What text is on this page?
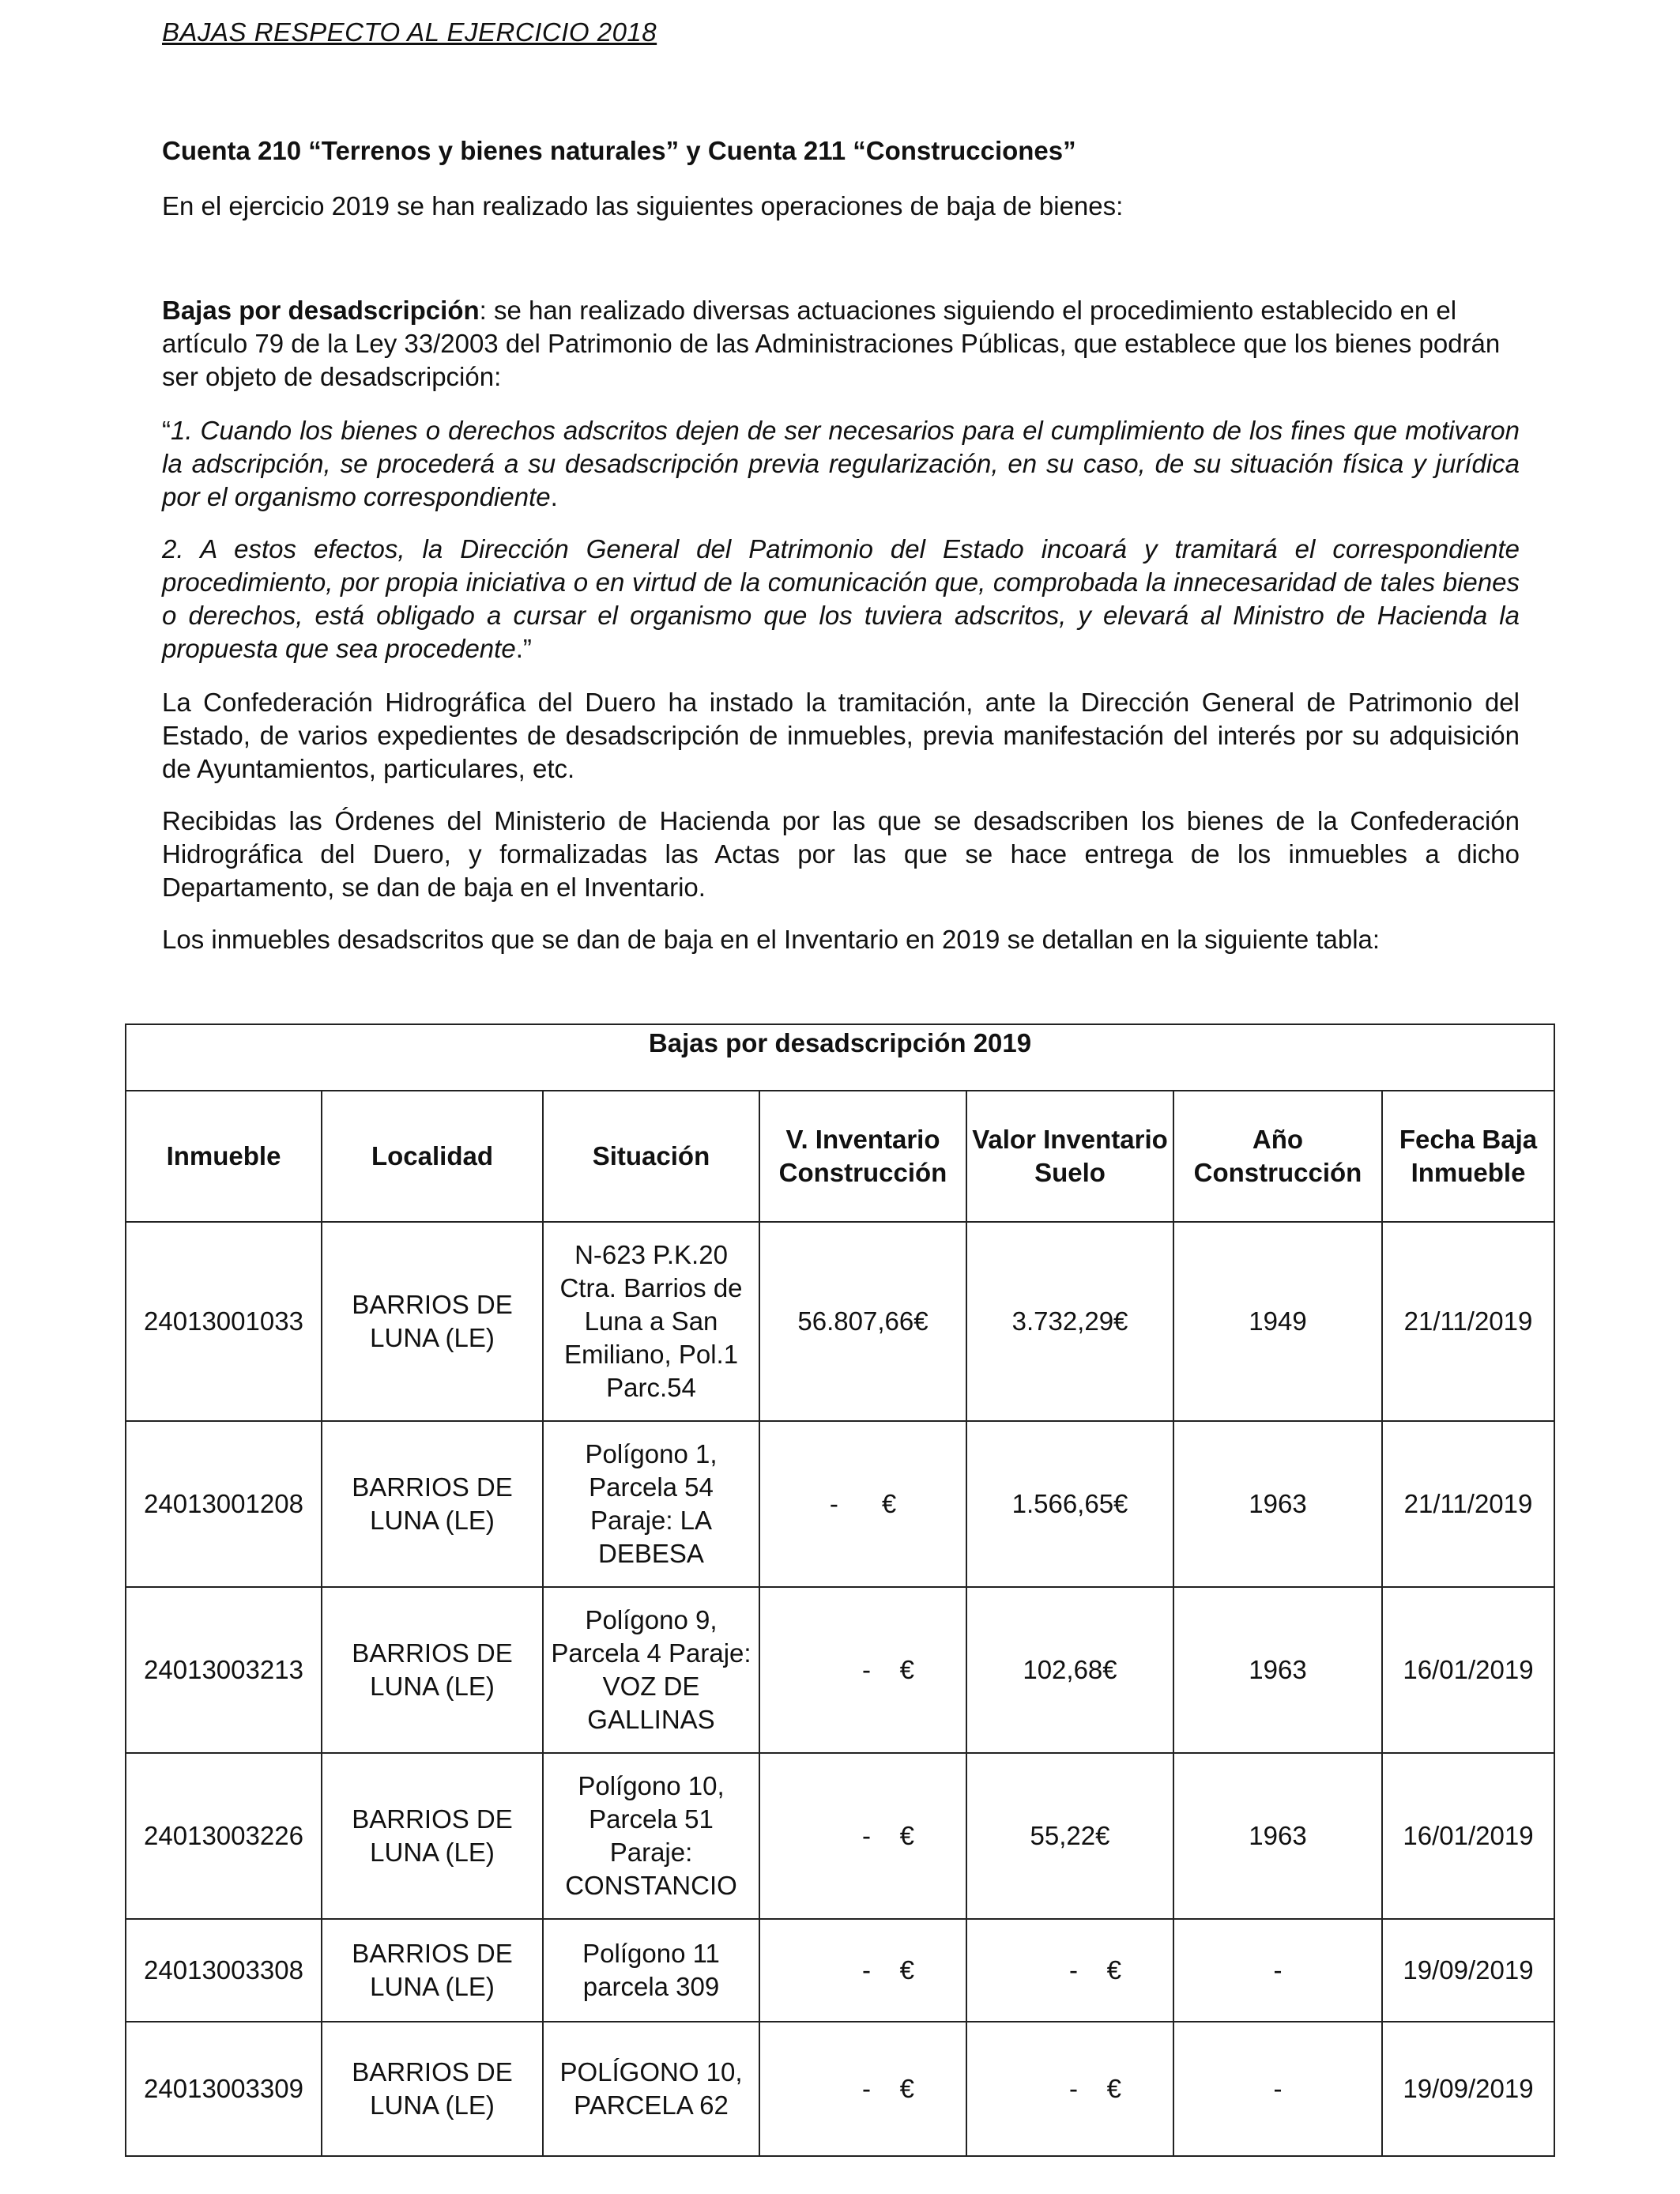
BAJAS RESPECTO AL EJERCICIO 2018
Cuenta 210 “Terrenos y bienes naturales” y Cuenta 211 “Construcciones”
En el ejercicio 2019 se han realizado las siguientes operaciones de baja de bienes:
Bajas por desadscripción: se han realizado diversas actuaciones siguiendo el procedimiento establecido en el artículo 79 de la Ley 33/2003 del Patrimonio de las Administraciones Públicas, que establece que los bienes podrán ser objeto de desadscripción:
“1. Cuando los bienes o derechos adscritos dejen de ser necesarios para el cumplimiento de los fines que motivaron la adscripción, se procederá a su desadscripción previa regularización, en su caso, de su situación física y jurídica por el organismo correspondiente.
2. A estos efectos, la Dirección General del Patrimonio del Estado incoará y tramitará el correspondiente procedimiento, por propia iniciativa o en virtud de la comunicación que, comprobada la innecesaridad de tales bienes o derechos, está obligado a cursar el organismo que los tuviera adscritos, y elevará al Ministro de Hacienda la propuesta que sea procedente.”
La Confederación Hidrográfica del Duero ha instado la tramitación, ante la Dirección General de Patrimonio del Estado, de varios expedientes de desadscripción de inmuebles, previa manifestación del interés por su adquisición de Ayuntamientos, particulares, etc.
Recibidas las Órdenes del Ministerio de Hacienda por las que se desadscriben los bienes de la Confederación Hidrográfica del Duero, y formalizadas las Actas por las que se hace entrega de los inmuebles a dicho Departamento, se dan de baja en el Inventario.
Los inmuebles desadscritos que se dan de baja en el Inventario en 2019 se detallan en la siguiente tabla:
Bajas por desadscripción 2019						
Inmueble	Localidad	Situación	V. Inventario Construcción	Valor Inventario Suelo	Año Construcción	Fecha Baja Inmueble
24013001033	BARRIOS DE LUNA (LE)	N-623 P.K.20 Ctra. Barrios de Luna a San Emiliano, Pol.1 Parc.54	56.807,66€	3.732,29€	1949	21/11/2019
24013001208	BARRIOS DE LUNA (LE)	Polígono 1, Parcela 54 Paraje: LA DEBESA	-      €	1.566,65€	1963	21/11/2019
24013003213	BARRIOS DE LUNA (LE)	Polígono 9, Parcela 4 Paraje: VOZ DE GALLINAS	-    €	102,68€	1963	16/01/2019
24013003226	BARRIOS DE LUNA (LE)	Polígono 10, Parcela 51 Paraje: CONSTANCIO	-    €	55,22€	1963	16/01/2019
24013003308	BARRIOS DE LUNA (LE)	Polígono 11 parcela 309	-    €	-    €	-	19/09/2019
24013003309	BARRIOS DE LUNA (LE)	POLÍGONO 10, PARCELA 62	-    €	-    €	-	19/09/2019
